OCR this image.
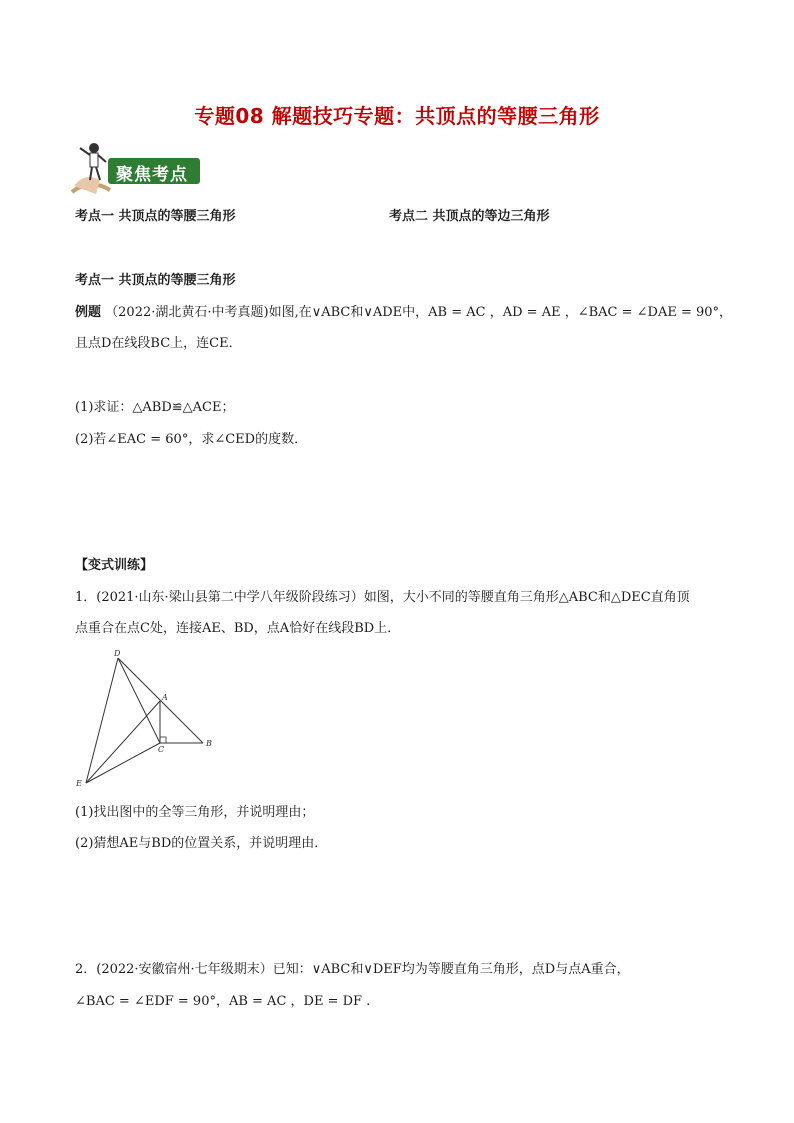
专题08 解题技巧专题：共顶点的等腰三角形
聚焦考点
考点一 共顶点的等腰三角形	考点二 共顶点的等边三角形
考点一 共顶点的等腰三角形
例题 （2022·湖北黄石·中考真题)如图,在∨ABC和∨ADE中，AB = AC ，AD = AE ，∠BAC = ∠DAE = 90°，
且点D在线段BC上，连CE．
(1)求证：△ABD≌△ACE；
(2)若∠EAC = 60°，求∠CED的度数．
【变式训练】
1．(2021·山东·梁山县第二中学八年级阶段练习）如图，大小不同的等腰直角三角形△ABC和△DEC直角顶
点重合在点C处，连接AE、BD，点A恰好在线段BD上．
D
A
B
C
E
(1)找出图中的全等三角形，并说明理由；
(2)猜想AE与BD的位置关系，并说明理由．
2．(2022·安徽宿州·七年级期末）已知：∨ABC和∨DEF均为等腰直角三角形，点D与点A重合，
∠BAC = ∠EDF = 90°，AB = AC ，DE = DF .
